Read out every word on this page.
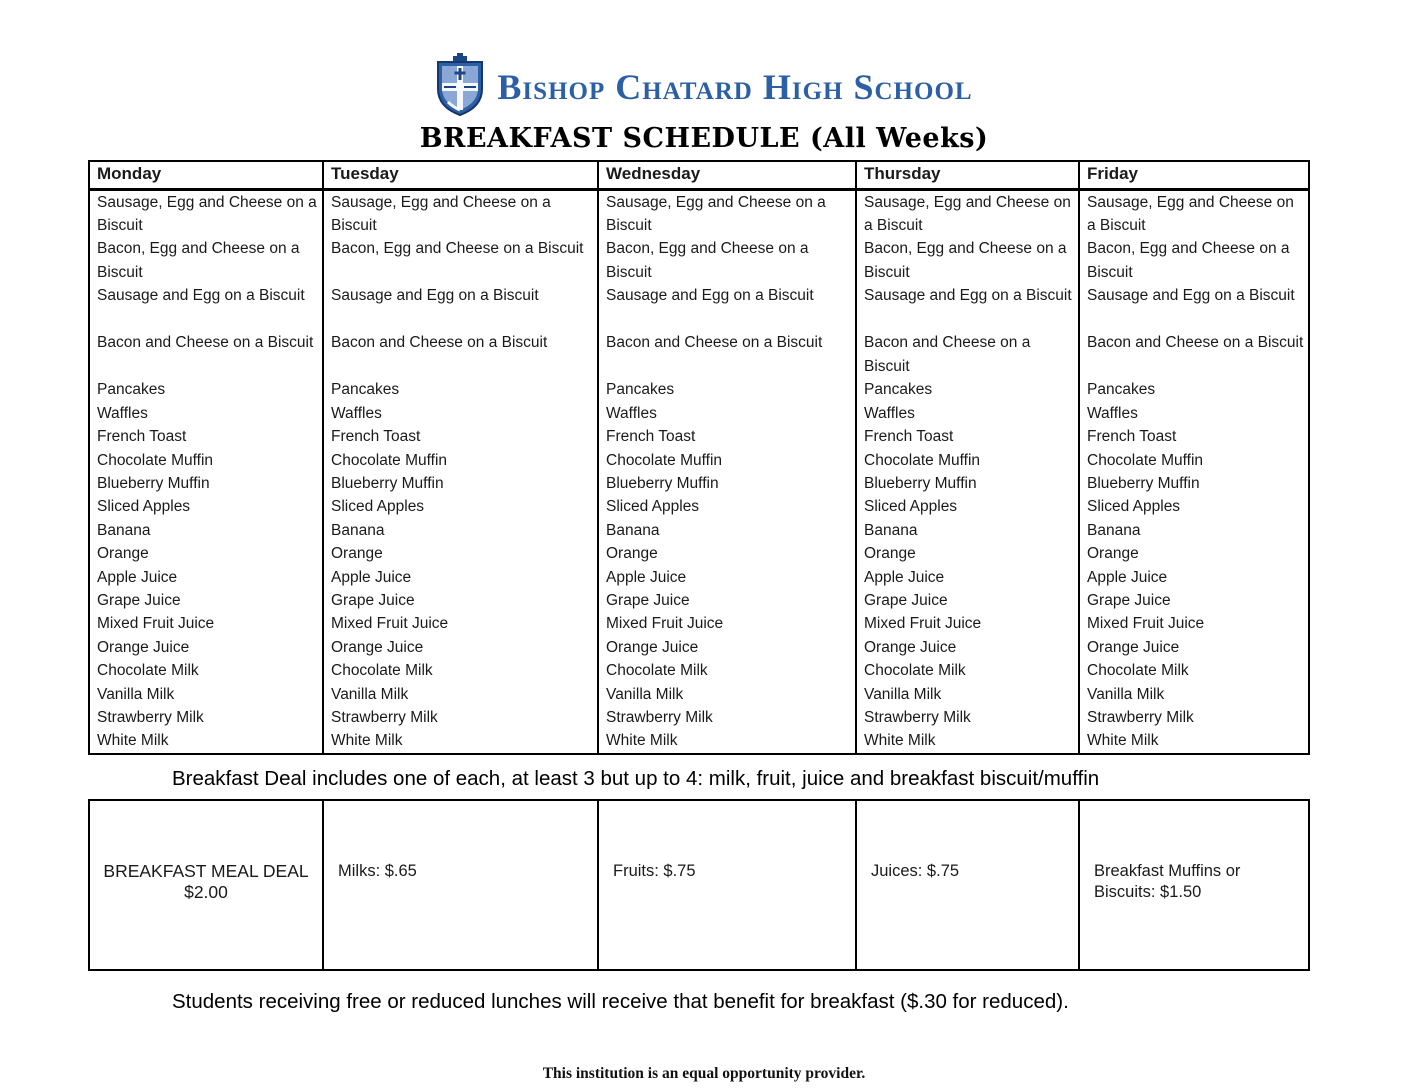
Bishop Chatard High School
BREAKFAST SCHEDULE (All Weeks)
Monday	Tuesday	Wednesday	Thursday	Friday
Sausage, Egg and Cheese on a Biscuit	Sausage, Egg and Cheese on a Biscuit	Sausage, Egg and Cheese on a Biscuit	Sausage, Egg and Cheese on a Biscuit	Sausage, Egg and Cheese on a Biscuit
Bacon, Egg and Cheese on a Biscuit	Bacon, Egg and Cheese on a Biscuit	Bacon, Egg and Cheese on a Biscuit	Bacon, Egg and Cheese on a Biscuit	Bacon, Egg and Cheese on a Biscuit
Sausage and Egg on a Biscuit	Sausage and Egg on a Biscuit	Sausage and Egg on a Biscuit	Sausage and Egg on a Biscuit	Sausage and Egg on a Biscuit
Bacon and Cheese on a Biscuit	Bacon and Cheese on a Biscuit	Bacon and Cheese on a Biscuit	Bacon and Cheese on a Biscuit	Bacon and Cheese on a Biscuit
Pancakes	Pancakes	Pancakes	Pancakes	Pancakes
Waffles	Waffles	Waffles	Waffles	Waffles
French Toast	French Toast	French Toast	French Toast	French Toast
Chocolate Muffin	Chocolate Muffin	Chocolate Muffin	Chocolate Muffin	Chocolate Muffin
Blueberry Muffin	Blueberry Muffin	Blueberry Muffin	Blueberry Muffin	Blueberry Muffin
Sliced Apples	Sliced Apples	Sliced Apples	Sliced Apples	Sliced Apples
Banana	Banana	Banana	Banana	Banana
Orange	Orange	Orange	Orange	Orange
Apple Juice	Apple Juice	Apple Juice	Apple Juice	Apple Juice
Grape Juice	Grape Juice	Grape Juice	Grape Juice	Grape Juice
Mixed Fruit Juice	Mixed Fruit Juice	Mixed Fruit Juice	Mixed Fruit Juice	Mixed Fruit Juice
Orange Juice	Orange Juice	Orange Juice	Orange Juice	Orange Juice
Chocolate Milk	Chocolate Milk	Chocolate Milk	Chocolate Milk	Chocolate Milk
Vanilla Milk	Vanilla Milk	Vanilla Milk	Vanilla Milk	Vanilla Milk
Strawberry Milk	Strawberry Milk	Strawberry Milk	Strawberry Milk	Strawberry Milk
White Milk	White Milk	White Milk	White Milk	White Milk

Breakfast Deal includes one of each, at least 3 but up to 4: milk, fruit, juice and breakfast biscuit/muffin

BREAKFAST MEAL DEAL
$2.00
	Milks: $.65	Fruits: $.75	Juices: $.75	Breakfast Muffins or Biscuits: $1.50

Students receiving free or reduced lunches will receive that benefit for breakfast ($.30 for reduced).

This institution is an equal opportunity provider.
